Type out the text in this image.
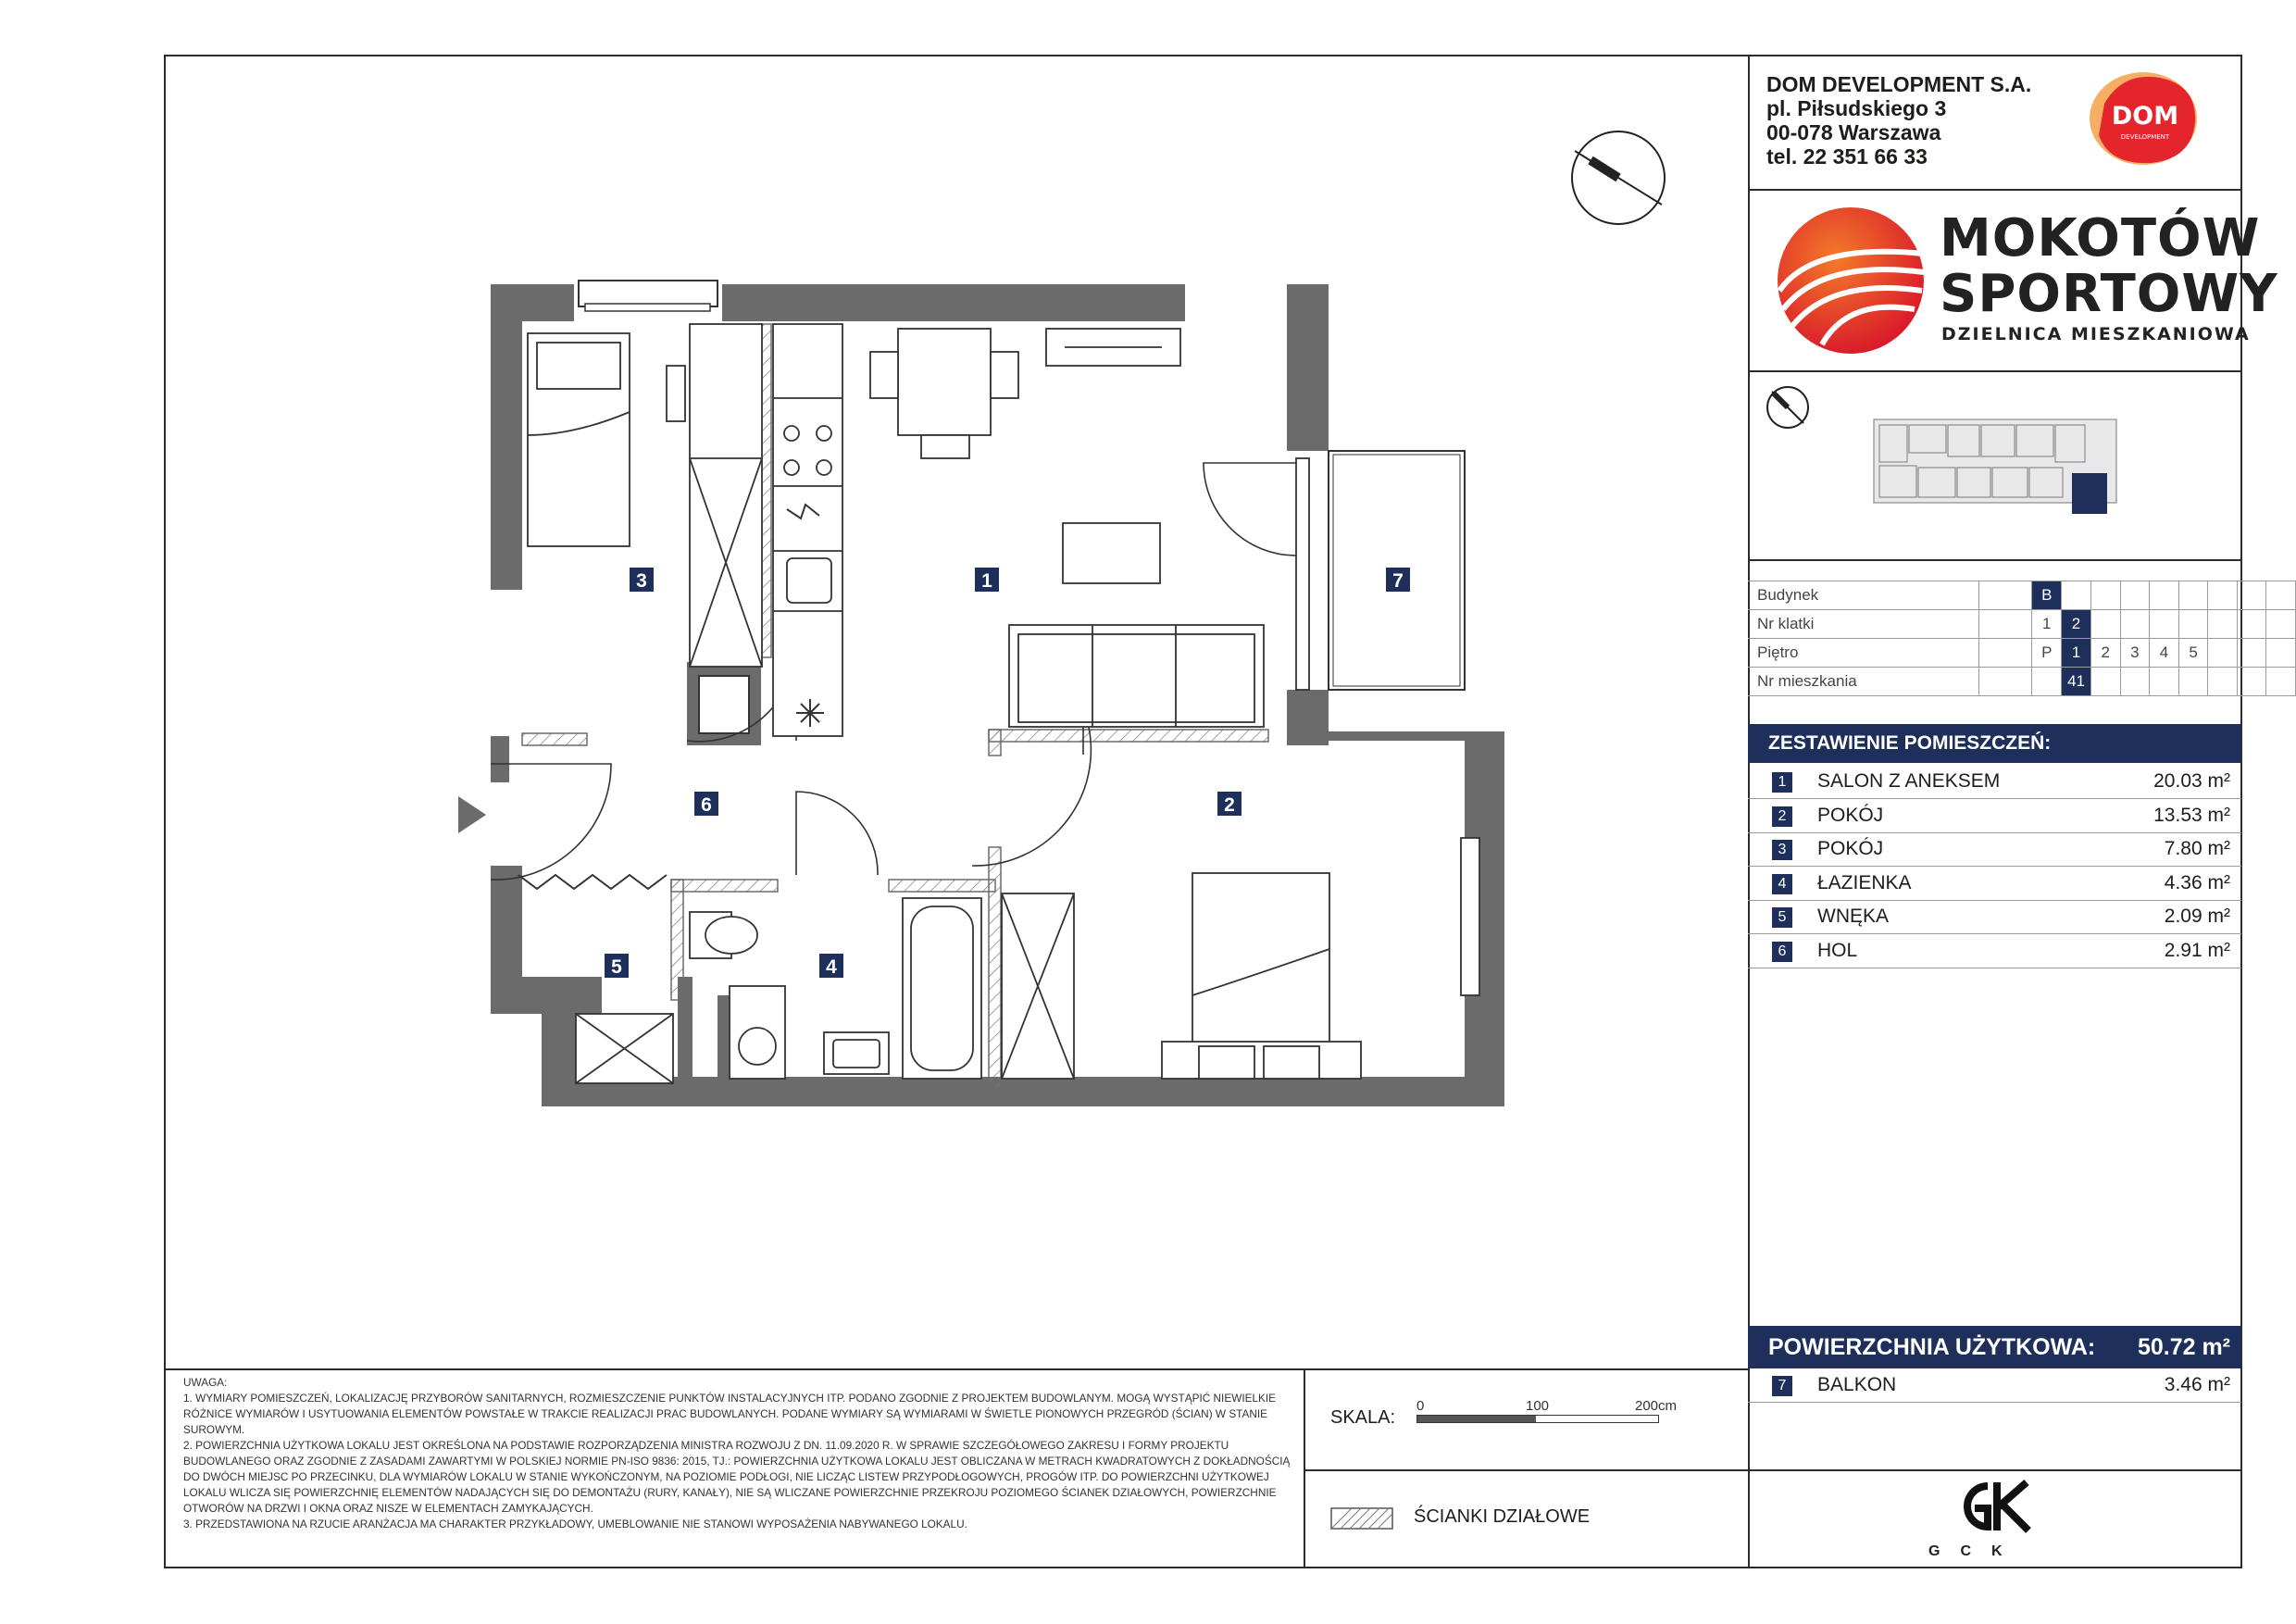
DOM DEVELOPMENT S.A.
pl. Piłsudskiego 3
00-078 Warszawa
tel. 22 351 66 33
DOM
DEVELOPMENT
MOKOTÓW
SPORTOWY
DZIELNICA MIESZKANIOWA
Budynek		B								
Nr klatki		1	2							
Piętro		P	1	2	3	4	5			
Nr mieszkania			41							
ZESTAWIENIE POMIESZCZEŃ:
1	SALON Z ANEKSEM	20.03 m²
2	POKÓJ	13.53 m²
3	POKÓJ	7.80 m²
4	ŁAZIENKA	4.36 m²
5	WNĘKA	2.09 m²
6	HOL	2.91 m²
POWIERZCHNIA UŻYTKOWA: 50.72 m²
7	BALKON	3.46 m²
GCK
SKALA:
0	100	200cm
ŚCIANKI DZIAŁOWE

UWAGA:

1. WYMIARY POMIESZCZEŃ, LOKALIZACJĘ PRZYBORÓW SANITARNYCH, ROZMIESZCZENIE PUNKTÓW INSTALACYJNYCH ITP. PODANO ZGODNIE Z PROJEKTEM BUDOWLANYM. MOGĄ WYSTĄPIĆ NIEWIELKIE RÓŻNICE WYMIARÓW I USYTUOWANIA ELEMENTÓW POWSTAŁE W TRAKCIE REALIZACJI PRAC BUDOWLANYCH. PODANE WYMIARY SĄ WYMIARAMI W ŚWIETLE PIONOWYCH PRZEGRÓD (ŚCIAN) W STANIE SUROWYM.

2. POWIERZCHNIA UŻYTKOWA LOKALU JEST OKREŚLONA NA PODSTAWIE ROZPORZĄDZENIA MINISTRA ROZWOJU Z DN. 11.09.2020 R. W SPRAWIE SZCZEGÓŁOWEGO ZAKRESU I FORMY PROJEKTU BUDOWLANEGO ORAZ ZGODNIE Z ZASADAMI ZAWARTYMI W POLSKIEJ NORMIE PN-ISO 9836: 2015, TJ.: POWIERZCHNIA UŻYTKOWA LOKALU JEST OBLICZANA W METRACH KWADRATOWYCH Z DOKŁADNOŚCIĄ DO DWÓCH MIEJSC PO PRZECINKU, DLA WYMIARÓW LOKALU W STANIE WYKOŃCZONYM, NA POZIOMIE PODŁOGI, NIE LICZĄC LISTEW PRZYPODŁOGOWYCH, PROGÓW ITP. DO POWIERZCHNI UŻYTKOWEJ LOKALU WLICZA SIĘ POWIERZCHNIĘ ELEMENTÓW NADAJĄCYCH SIĘ DO DEMONTAŻU (RURY, KANAŁY), NIE SĄ WLICZANE POWIERZCHNIE PRZEKROJU POZIOMEGO ŚCIANEK DZIAŁOWYCH, POWIERZCHNIE OTWORÓW NA DRZWI I OKNA ORAZ NISZE W ELEMENTACH ZAMYKAJĄCYCH.

3. PRZEDSTAWIONA NA RZUCIE ARANŻACJA MA CHARAKTER PRZYKŁADOWY, UMEBLOWANIE NIE STANOWI WYPOSAŻENIA NABYWANEGO LOKALU.

1
2
3
4
5
6
7
